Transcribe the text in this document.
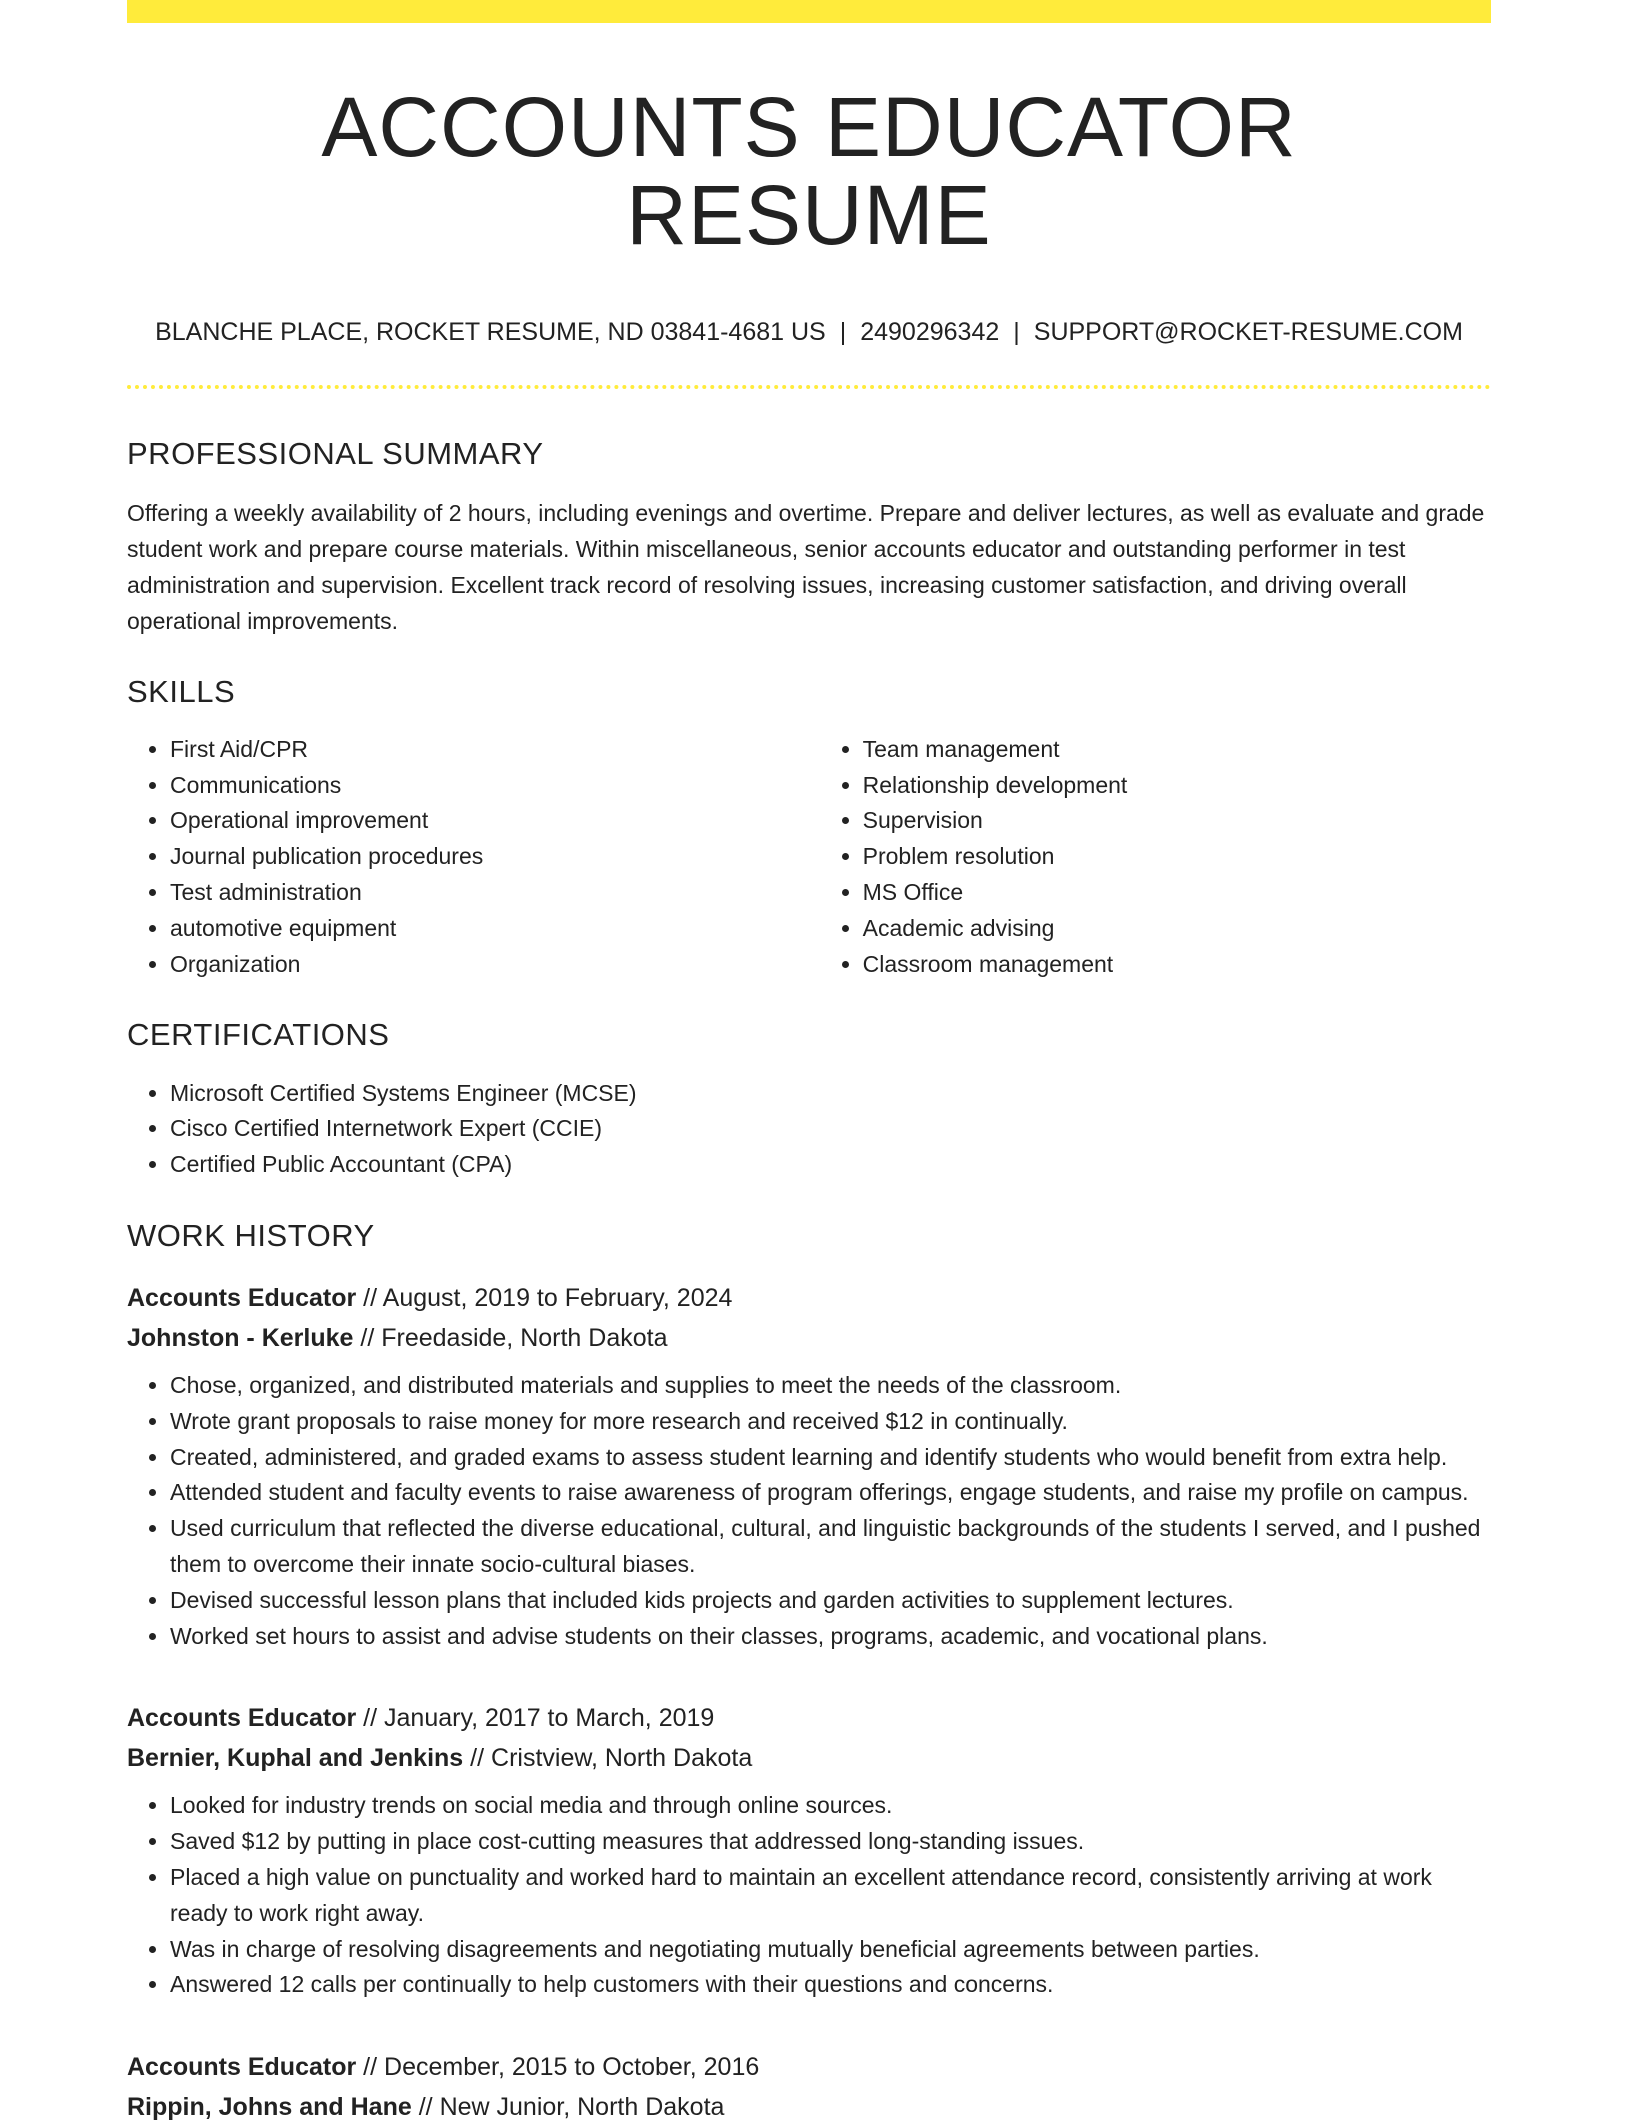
ACCOUNTS EDUCATOR RESUME
BLANCHE PLACE, ROCKET RESUME, ND 03841-4681 US | 2490296342 | SUPPORT@ROCKET-RESUME.COM
PROFESSIONAL SUMMARY

Offering a weekly availability of 2 hours, including evenings and overtime. Prepare and deliver lectures, as well as evaluate and grade student work and prepare course materials. Within miscellaneous, senior accounts educator and outstanding performer in test administration and supervision. Excellent track record of resolving issues, increasing customer satisfaction, and driving overall operational improvements.

SKILLS
• First Aid/CPR
• Communications
• Operational improvement
• Journal publication procedures
• Test administration
• automotive equipment
• Organization
• Team management
• Relationship development
• Supervision
• Problem resolution
• MS Office
• Academic advising
• Classroom management
CERTIFICATIONS
• Microsoft Certified Systems Engineer (MCSE)
• Cisco Certified Internetwork Expert (CCIE)
• Certified Public Accountant (CPA)
WORK HISTORY
Accounts Educator // August, 2019 to February, 2024
Johnston - Kerluke // Freedaside, North Dakota
• Chose, organized, and distributed materials and supplies to meet the needs of the classroom.
• Wrote grant proposals to raise money for more research and received $12 in continually.
• Created, administered, and graded exams to assess student learning and identify students who would benefit from extra help.
• Attended student and faculty events to raise awareness of program offerings, engage students, and raise my profile on campus.
• Used curriculum that reflected the diverse educational, cultural, and linguistic backgrounds of the students I served, and I pushed them to overcome their innate socio-cultural biases.
• Devised successful lesson plans that included kids projects and garden activities to supplement lectures.
• Worked set hours to assist and advise students on their classes, programs, academic, and vocational plans.
Accounts Educator // January, 2017 to March, 2019
Bernier, Kuphal and Jenkins // Cristview, North Dakota
• Looked for industry trends on social media and through online sources.
• Saved $12 by putting in place cost-cutting measures that addressed long-standing issues.
• Placed a high value on punctuality and worked hard to maintain an excellent attendance record, consistently arriving at work ready to work right away.
• Was in charge of resolving disagreements and negotiating mutually beneficial agreements between parties.
• Answered 12 calls per continually to help customers with their questions and concerns.
Accounts Educator // December, 2015 to October, 2016
Rippin, Johns and Hane // New Junior, North Dakota
